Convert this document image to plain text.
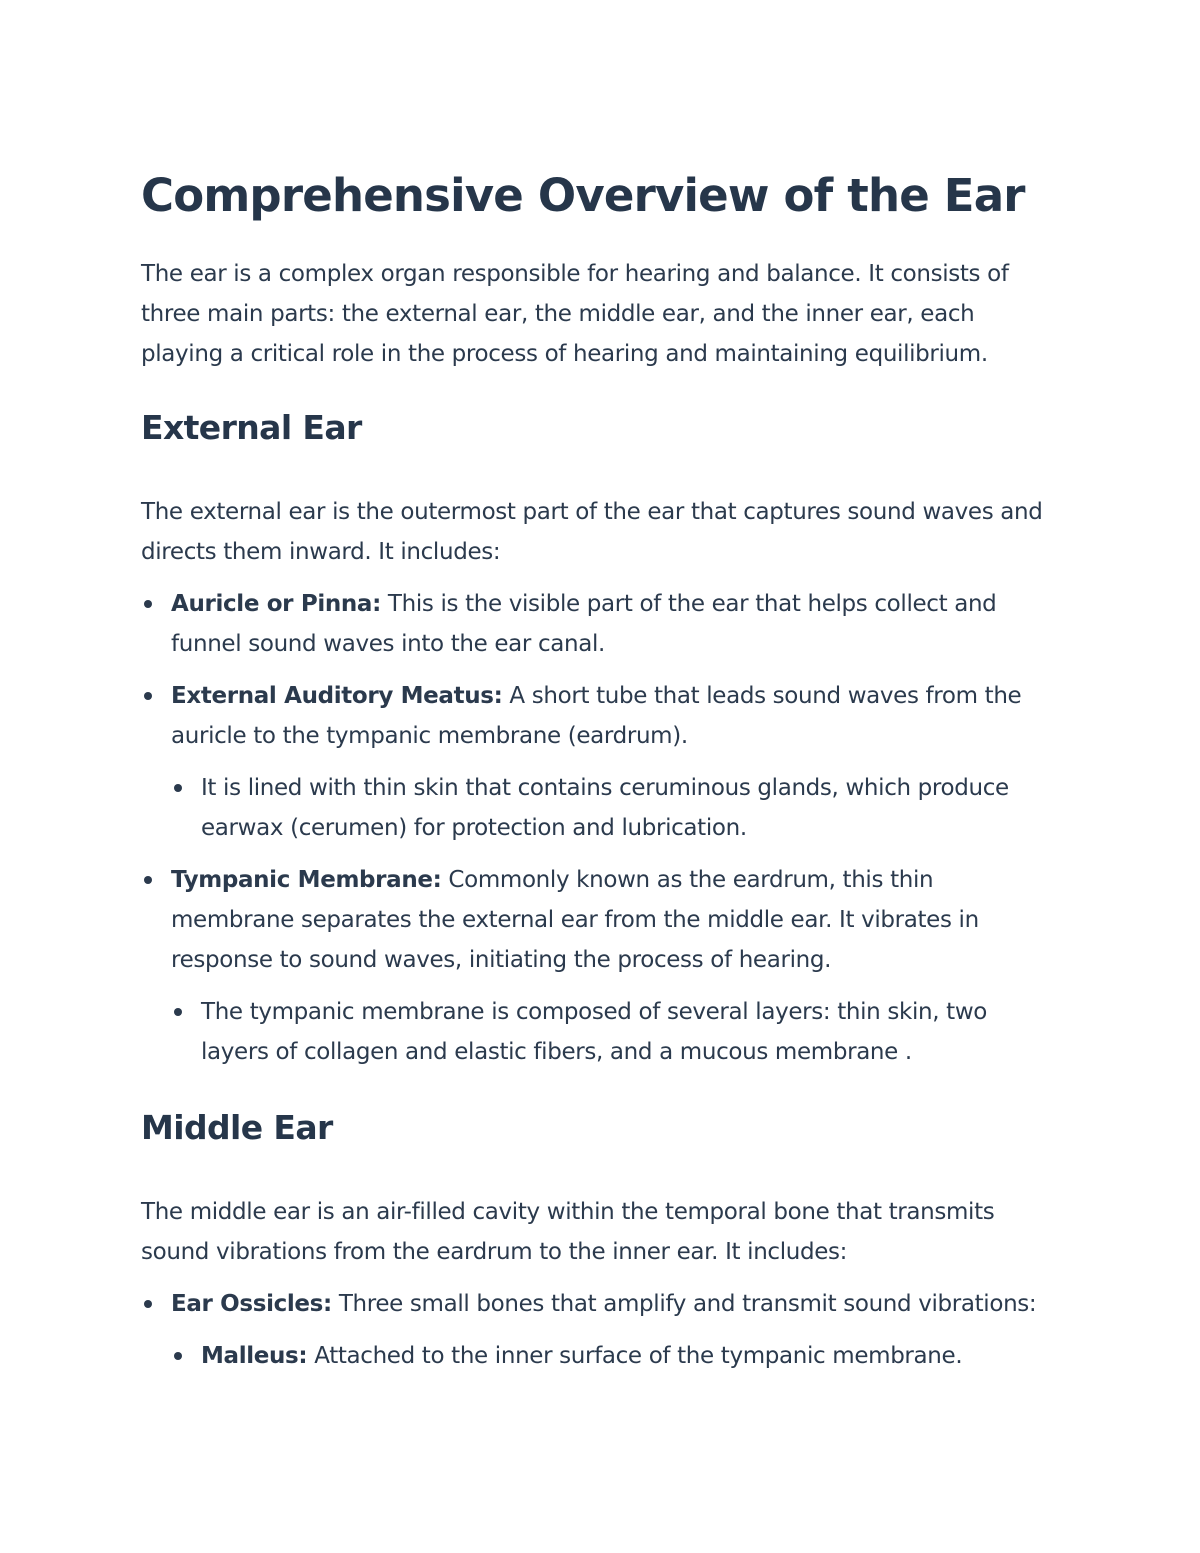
Comprehensive Overview of the Ear

The ear is a complex organ responsible for hearing and balance. It consists of three main parts: the external ear, the middle ear, and the inner ear, each playing a critical role in the process of hearing and maintaining equilibrium.

External Ear

The external ear is the outermost part of the ear that captures sound waves and directs them inward. It includes:

Auricle or Pinna: This is the visible part of the ear that helps collect and funnel sound waves into the ear canal.
External Auditory Meatus: A short tube that leads sound waves from the auricle to the tympanic membrane (eardrum).
It is lined with thin skin that contains ceruminous glands, which produce earwax (cerumen) for protection and lubrication.
Tympanic Membrane: Commonly known as the eardrum, this thin membrane separates the external ear from the middle ear. It vibrates in response to sound waves, initiating the process of hearing.
The tympanic membrane is composed of several layers: thin skin, two layers of collagen and elastic fibers, and a mucous membrane .
Middle Ear

The middle ear is an air-filled cavity within the temporal bone that transmits sound vibrations from the eardrum to the inner ear. It includes:

Ear Ossicles: Three small bones that amplify and transmit sound vibrations:
Malleus: Attached to the inner surface of the tympanic membrane.
